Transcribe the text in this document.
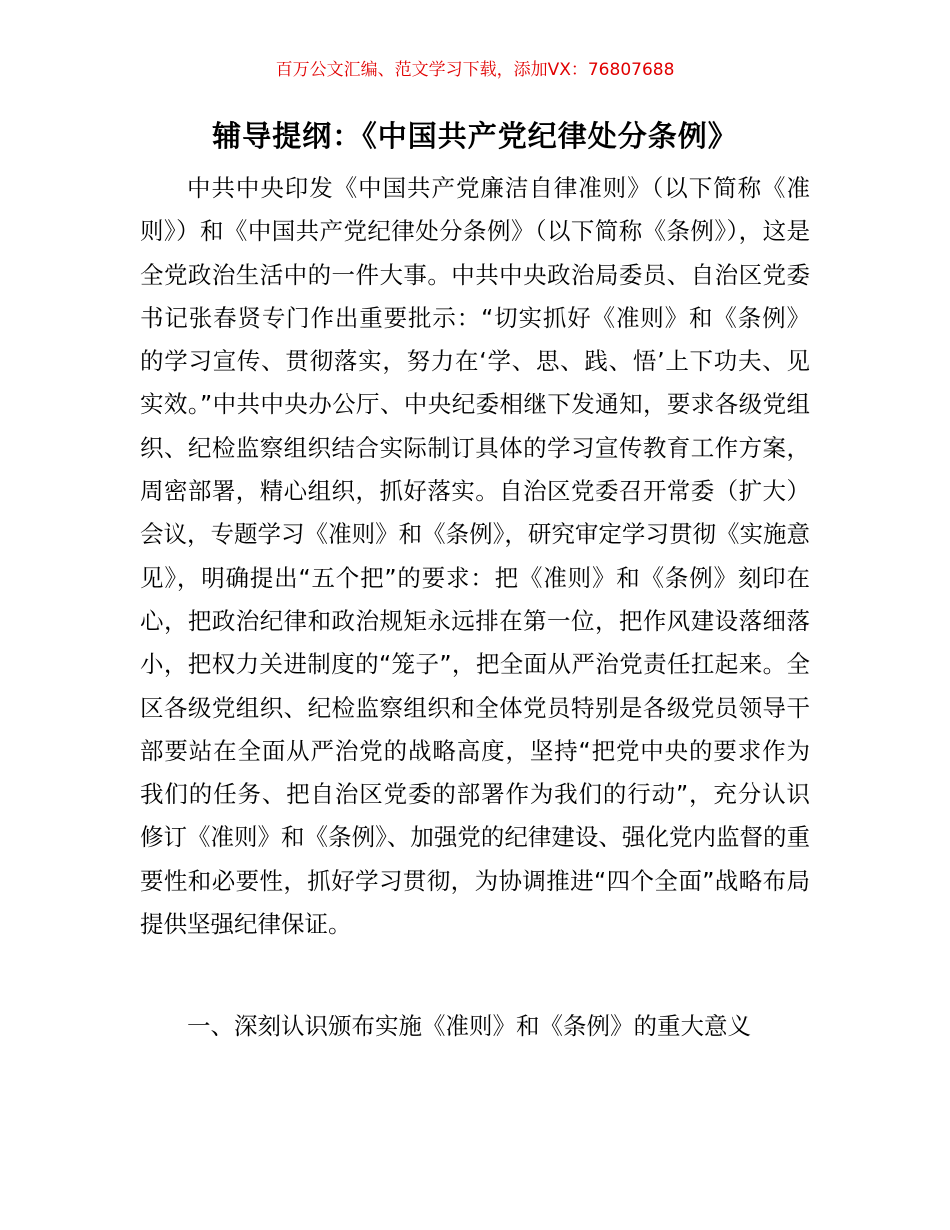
百万公文汇编、范文学习下载，添加VX：76807688
辅导提纲：《中国共产党纪律处分条例》

中共中央印发《中国共产党廉洁自律准则》（以下简称《准则》）和《中国共产党纪律处分条例》（以下简称《条例》），这是全党政治生活中的一件大事。中共中央政治局委员、自治区党委书记张春贤专门作出重要批示：“切实抓好《准则》和《条例》的学习宣传、贯彻落实，努力在‘学、思、践、悟’上下功夫、见实效。”中共中央办公厅、中央纪委相继下发通知，要求各级党组织、纪检监察组织结合实际制订具体的学习宣传教育工作方案，周密部署，精心组织，抓好落实。自治区党委召开常委（扩大）会议，专题学习《准则》和《条例》，研究审定学习贯彻《实施意见》，明确提出“五个把”的要求：把《准则》和《条例》刻印在心，把政治纪律和政治规矩永远排在第一位，把作风建设落细落小，把权力关进制度的“笼子”，把全面从严治党责任扛起来。全区各级党组织、纪检监察组织和全体党员特别是各级党员领导干部要站在全面从严治党的战略高度，坚持“把党中央的要求作为我们的任务、把自治区党委的部署作为我们的行动”，充分认识修订《准则》和《条例》、加强党的纪律建设、强化党内监督的重要性和必要性，抓好学习贯彻，为协调推进“四个全面”战略布局提供坚强纪律保证。

一、深刻认识颁布实施《准则》和《条例》的重大意义
